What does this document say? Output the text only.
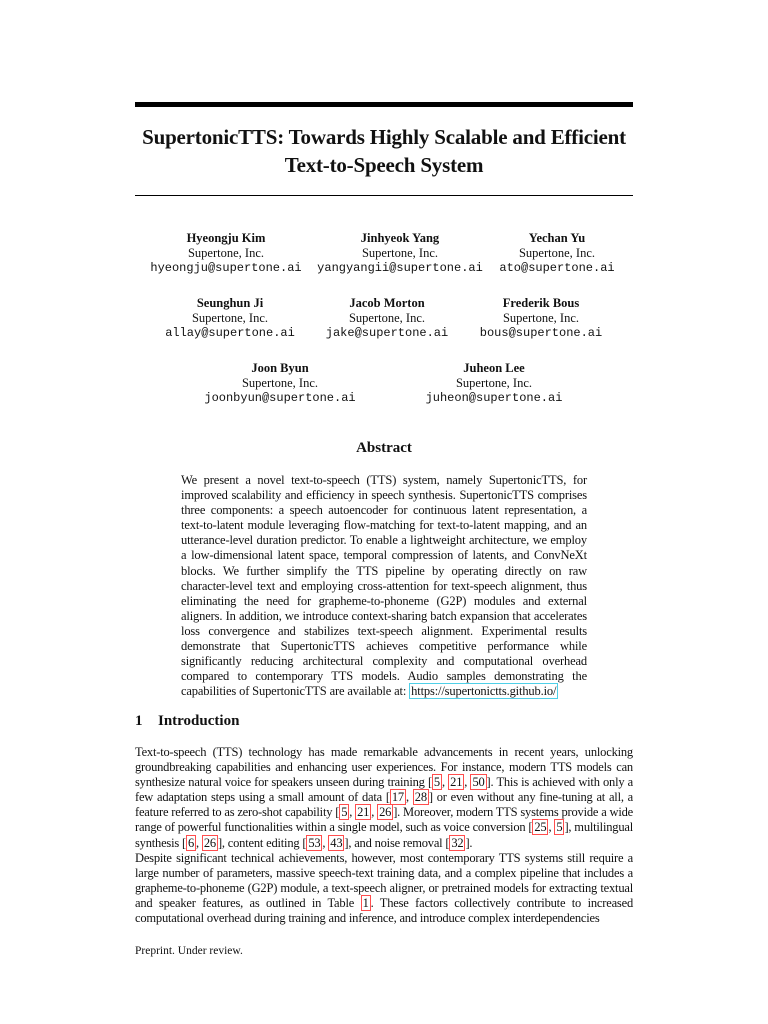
SupertonicTTS: Towards Highly Scalable and Efficient
Text-to-Speech System
Hyeongju Kim
Supertone, Inc.
hyeongju@supertone.ai
Jinhyeok Yang
Supertone, Inc.
yangyangii@supertone.ai
Yechan Yu
Supertone, Inc.
ato@supertone.ai
Seunghun Ji
Supertone, Inc.
allay@supertone.ai
Jacob Morton
Supertone, Inc.
jake@supertone.ai
Frederik Bous
Supertone, Inc.
bous@supertone.ai
Joon Byun
Supertone, Inc.
joonbyun@supertone.ai
Juheon Lee
Supertone, Inc.
juheon@supertone.ai
Abstract
We present a novel text-to-speech (TTS) system, namely SupertonicTTS, for improved scalability and efficiency in speech synthesis. SupertonicTTS comprises three components: a speech autoencoder for continuous latent representation, a text-to-latent module leveraging flow-matching for text-to-latent mapping, and an utterance-level duration predictor. To enable a lightweight architecture, we employ a low-dimensional latent space, temporal compression of latents, and ConvNeXt blocks. We further simplify the TTS pipeline by operating directly on raw character-level text and employing cross-attention for text-speech alignment, thus eliminating the need for grapheme-to-phoneme (G2P) modules and external aligners. In addition, we introduce context-sharing batch expansion that accelerates loss convergence and stabilizes text-speech alignment. Experimental results demonstrate that SupertonicTTS achieves competitive performance while significantly reducing architectural complexity and computational overhead compared to contemporary TTS models. Audio samples demonstrating the capabilities of SupertonicTTS are available at: https://supertonictts.github.io/
1 Introduction
Text-to-speech (TTS) technology has made remarkable advancements in recent years, unlocking groundbreaking capabilities and enhancing user experiences. For instance, modern TTS models can synthesize natural voice for speakers unseen during training [ 5 , 21 , 50 ]. This is achieved with only a few adaptation steps using a small amount of data [ 17 , 28 ] or even without any fine-tuning at all, a feature referred to as zero-shot capability [ 5 , 21 , 26 ]. Moreover, modern TTS systems provide a wide range of powerful functionalities within a single model, such as voice conversion [ 25 , 5 ], multilingual synthesis [ 6 , 26 ], content editing [ 53 , 43 ], and noise removal [ 32 ].
Despite significant technical achievements, however, most contemporary TTS systems still require a large number of parameters, massive speech-text training data, and a complex pipeline that includes a grapheme-to-phoneme (G2P) module, a text-speech aligner, or pretrained models for extracting textual and speaker features, as outlined in Table 1 . These factors collectively contribute to increased computational overhead during training and inference, and introduce complex interdependencies
Preprint. Under review.
